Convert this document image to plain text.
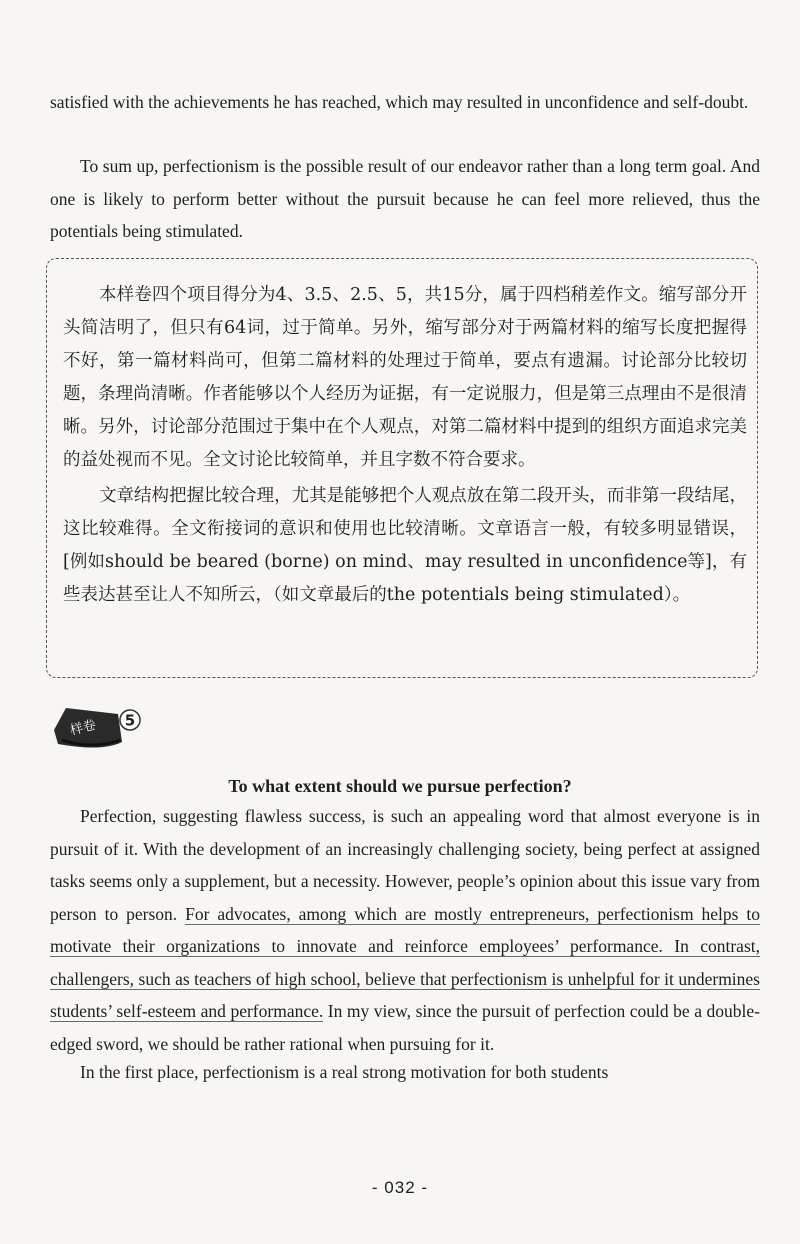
satisfied with the achievements he has reached, which may resulted in unconfidence and self-doubt.

To sum up, perfectionism is the possible result of our endeavor rather than a long term goal. And one is likely to perform better without the pursuit because he can feel more relieved, thus the potentials being stimulated.

本样卷四个项目得分为4、3.5、2.5、5，共15分，属于四档稍差作文。缩写部分开头简洁明了，但只有64词，过于简单。另外，缩写部分对于两篇材料的缩写长度把握得不好，第一篇材料尚可，但第二篇材料的处理过于简单，要点有遗漏。讨论部分比较切题，条理尚清晰。作者能够以个人经历为证据，有一定说服力，但是第三点理由不是很清晰。另外，讨论部分范围过于集中在个人观点，对第二篇材料中提到的组织方面追求完美的益处视而不见。全文讨论比较简单，并且字数不符合要求。

文章结构把握比较合理，尤其是能够把个人观点放在第二段开头，而非第一段结尾，这比较难得。全文衔接词的意识和使用也比较清晰。文章语言一般，有较多明显错误，[例如should be beared (borne) on mind、may resulted in unconfidence等]，有些表达甚至让人不知所云，（如文章最后的the potentials being stimulated）。

样卷 5
To what extent should we pursue perfection?

Perfection, suggesting flawless success, is such an appealing word that almost everyone is in pursuit of it. With the development of an increasingly challenging society, being perfect at assigned tasks seems only a supplement, but a necessity. However, people’s opinion about this issue vary from person to person. For advocates, among which are mostly entrepreneurs, perfectionism helps to motivate their organizations to innovate and reinforce employees’ performance. In contrast, challengers, such as teachers of high school, believe that perfectionism is unhelpful for it undermines students’ self-esteem and performance. In my view, since the pursuit of perfection could be a double-edged sword, we should be rather rational when pursuing for it.

In the first place, perfectionism is a real strong motivation for both students

- 032 -
